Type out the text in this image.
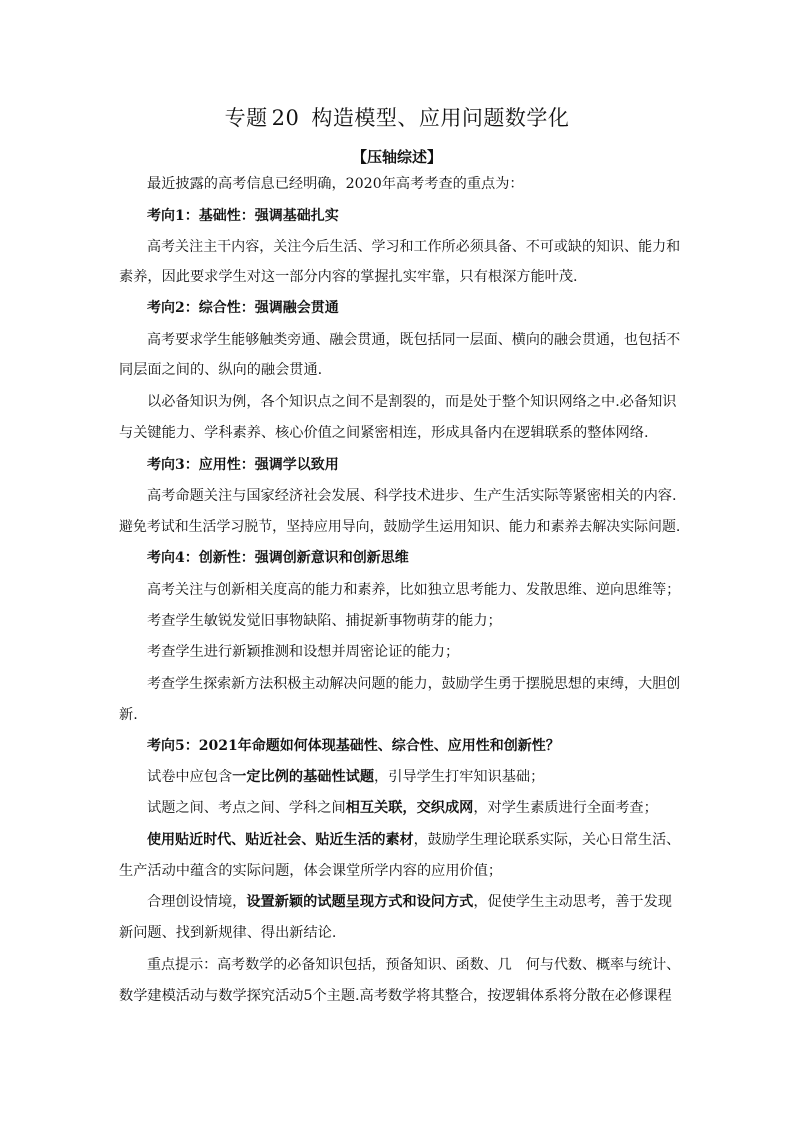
专题 20 构造模型、应用问题数学化
【压轴综述】
最近披露的高考信息已经明确，2020年高考考查的重点为：
考向1：基础性：强调基础扎实
高考关注主干内容，关注今后生活、学习和工作所必须具备、不可或缺的知识、能力和
素养，因此要求学生对这一部分内容的掌握扎实牢靠，只有根深方能叶茂.
考向2：综合性：强调融会贯通
高考要求学生能够触类旁通、融会贯通，既包括同一层面、横向的融会贯通，也包括不
同层面之间的、纵向的融会贯通.
以必备知识为例，各个知识点之间不是割裂的，而是处于整个知识网络之中.必备知识
与关键能力、学科素养、核心价值之间紧密相连，形成具备内在逻辑联系的整体网络.
考向3：应用性：强调学以致用
高考命题关注与国家经济社会发展、科学技术进步、生产生活实际等紧密相关的内容.
避免考试和生活学习脱节，坚持应用导向，鼓励学生运用知识、能力和素养去解决实际问题.
考向4：创新性：强调创新意识和创新思维
高考关注与创新相关度高的能力和素养，比如独立思考能力、发散思维、逆向思维等；
考查学生敏锐发觉旧事物缺陷、捕捉新事物萌芽的能力；
考查学生进行新颖推测和设想并周密论证的能力；
考查学生探索新方法积极主动解决问题的能力，鼓励学生勇于摆脱思想的束缚，大胆创
新.
考向5：2021年命题如何体现基础性、综合性、应用性和创新性？
试卷中应包含一定比例的基础性试题，引导学生打牢知识基础；
试题之间、考点之间、学科之间相互关联，交织成网，对学生素质进行全面考查；
使用贴近时代、贴近社会、贴近生活的素材，鼓励学生理论联系实际，关心日常生活、
生产活动中蕴含的实际问题，体会课堂所学内容的应用价值；
合理创设情境，设置新颖的试题呈现方式和设问方式，促使学生主动思考，善于发现
新问题、找到新规律、得出新结论.
重点提示：高考数学的必备知识包括，预备知识、函数、几　何与代数、概率与统计、
数学建模活动与数学探究活动5个主题.高考数学将其整合，按逻辑体系将分散在必修课程
